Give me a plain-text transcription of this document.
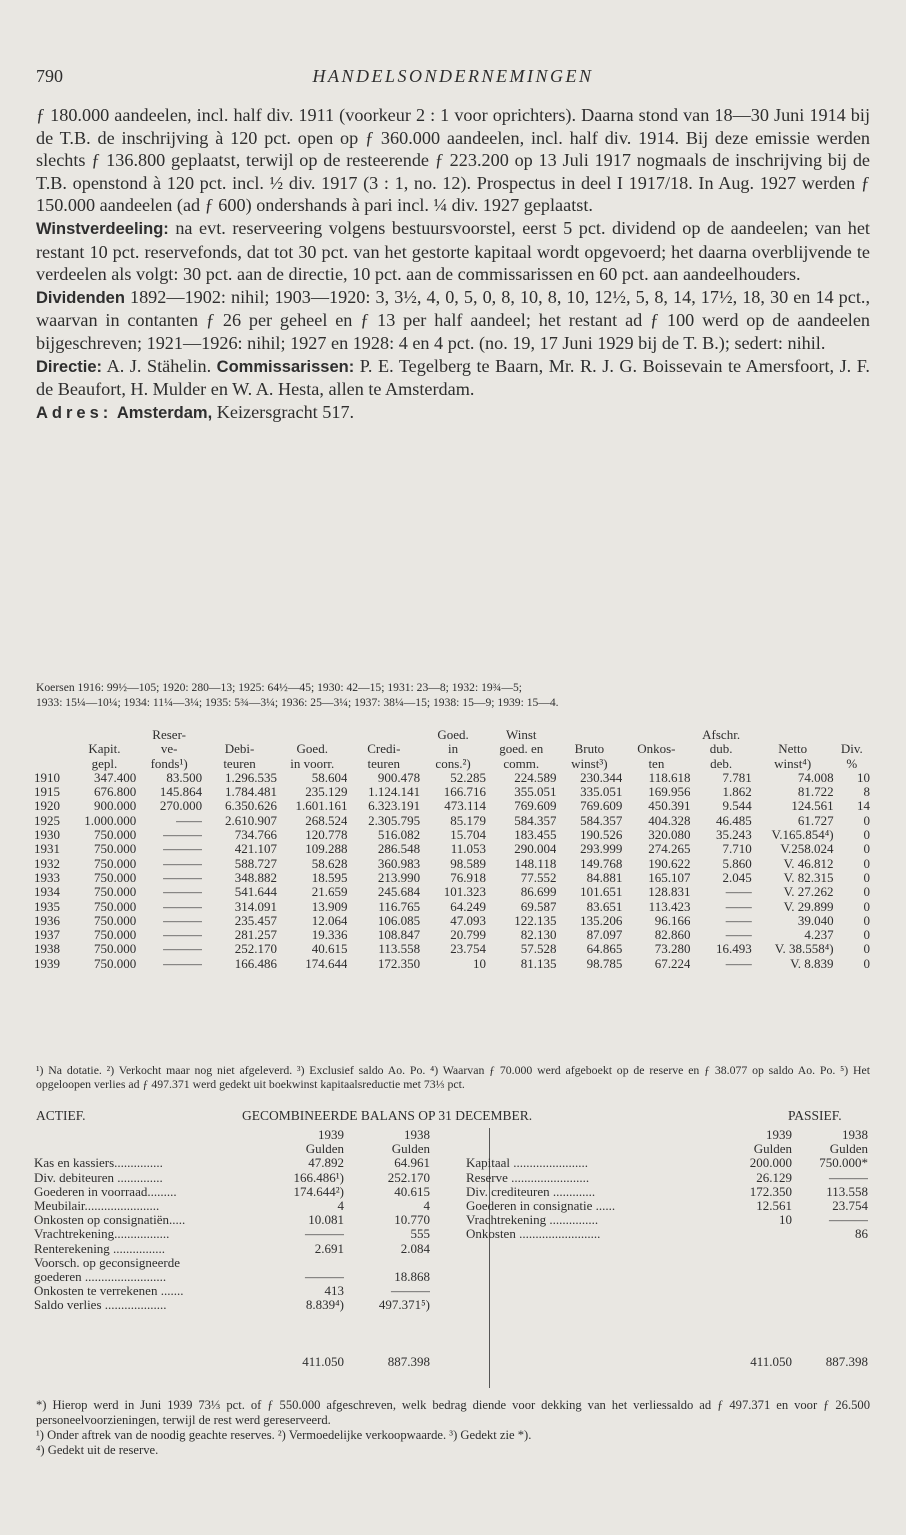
790	HANDELSONDERNEMINGEN

ƒ 180.000 aandeelen, incl. half div. 1911 (voorkeur 2 : 1 voor oprichters). Daarna stond van 18—30 Juni 1914 bij de T.B. de inschrijving à 120 pct. open op ƒ 360.000 aandeelen, incl. half div. 1914. Bij deze emissie werden slechts ƒ 136.800 geplaatst, terwijl op de resteerende ƒ 223.200 op 13 Juli 1917 nogmaals de inschrijving bij de T.B. openstond à 120 pct. incl. ½ div. 1917 (3 : 1, no. 12). Prospectus in deel I 1917/18. In Aug. 1927 werden ƒ 150.000 aandeelen (ad ƒ 600) ondershands à pari incl. ¼ div. 1927 geplaatst.

Winstverdeeling: na evt. reserveering volgens bestuursvoorstel, eerst 5 pct. dividend op de aandeelen; van het restant 10 pct. reservefonds, dat tot 30 pct. van het gestorte kapitaal wordt opgevoerd; het daarna overblijvende te verdeelen als volgt: 30 pct. aan de directie, 10 pct. aan de commissarissen en 60 pct. aan aandeelhouders.

Dividenden 1892—1902: nihil; 1903—1920: 3, 3½, 4, 0, 5, 0, 8, 10, 8, 10, 12½, 5, 8, 14, 17½, 18, 30 en 14 pct., waarvan in contanten ƒ 26 per geheel en ƒ 13 per half aandeel; het restant ad ƒ 100 werd op de aandeelen bijgeschreven; 1921—1926: nihil; 1927 en 1928: 4 en 4 pct. (no. 19, 17 Juni 1929 bij de T. B.); sedert: nihil.

Directie: A. J. Stähelin. Commissarissen: P. E. Tegelberg te Baarn, Mr. R. J. G. Boissevain te Amersfoort, J. F. de Beaufort, H. Mulder en W. A. Hesta, allen te Amsterdam.

Adres: Amsterdam, Keizersgracht 517.

Koersen 1916: 99½—105; 1920: 280—13; 1925: 64½—45; 1930: 42—15; 1931: 23—8; 1932: 19¾—5;

1933: 15¼—10¼; 1934: 11¼—3¼; 1935: 5¾—3¼; 1936: 25—3¼; 1937: 38¼—15; 1938: 15—9; 1939: 15—4.

		Reser-				Goed.	Winst			Afschr.		
	Kapit.	ve-	Debi-	Goed.	Credi-	in	goed. en	Bruto	Onkos-	dub.	Netto	Div.
	gepl.	fonds¹)	teuren	in voorr.	teuren	cons.²)	comm.	winst³)	ten	deb.	winst⁴)	%
1910	347.400	83.500	1.296.535	58.604	900.478	52.285	224.589	230.344	118.618	7.781	74.008	10
1915	676.800	145.864	1.784.481	235.129	1.124.141	166.716	355.051	335.051	169.956	1.862	81.722	8
1920	900.000	270.000	6.350.626	1.601.161	6.323.191	473.114	769.609	769.609	450.391	9.544	124.561	14
1925	1.000.000	——	2.610.907	268.524	2.305.795	85.179	584.357	584.357	404.328	46.485	61.727	0
1930	750.000	———	734.766	120.778	516.082	15.704	183.455	190.526	320.080	35.243	V.165.854⁴)	0
1931	750.000	———	421.107	109.288	286.548	11.053	290.004	293.999	274.265	7.710	V.258.024	0
1932	750.000	———	588.727	58.628	360.983	98.589	148.118	149.768	190.622	5.860	V. 46.812	0
1933	750.000	———	348.882	18.595	213.990	76.918	77.552	84.881	165.107	2.045	V. 82.315	0
1934	750.000	———	541.644	21.659	245.684	101.323	86.699	101.651	128.831	——	V. 27.262	0
1935	750.000	———	314.091	13.909	116.765	64.249	69.587	83.651	113.423	——	V. 29.899	0
1936	750.000	———	235.457	12.064	106.085	47.093	122.135	135.206	96.166	——	39.040	0
1937	750.000	———	281.257	19.336	108.847	20.799	82.130	87.097	82.860	——	4.237	0
1938	750.000	———	252.170	40.615	113.558	23.754	57.528	64.865	73.280	16.493	V. 38.558⁴)	0
1939	750.000	———	166.486	174.644	172.350	10	81.135	98.785	67.224	——	V. 8.839	0

¹) Na dotatie. ²) Verkocht maar nog niet afgeleverd. ³) Exclusief saldo Ao. Po. ⁴) Waarvan ƒ 70.000 werd afgeboekt op de reserve en ƒ 38.077 op saldo Ao. Po. ⁵) Het opgeloopen verlies ad ƒ 497.371 werd gedekt uit boekwinst kapitaalsreductie met 73⅓ pct.

ACTIEF.	GECOMBINEERDE BALANS OP 31 DECEMBER.	PASSIEF.
	1939	1938
	Gulden	Gulden
Kas en kassiers...............	47.892	64.961
Div. debiteuren ..............	166.486¹)	252.170
Goederen in voorraad.........	174.644²)	40.615
Meubilair.......................	4	4
Onkosten op consignatiën.....	10.081	10.770
Vrachtrekening.................	———	555
Renterekening ................	2.691	2.084
Voorsch. op geconsigneerde		
goederen .........................	———	18.868
Onkosten te verrekenen .......	413	———
Saldo verlies ...................	8.839⁴)	497.371⁵)

	411.050	887.398
	1939	1938
	Gulden	Gulden
Kapitaal .......................	200.000	750.000*
Reserve ........................	26.129	———
Div. crediteuren .............	172.350	113.558
Goederen in consignatie ......	12.561	23.754
Vrachtrekening ...............	10	———
Onkosten .........................		86

	411.050	887.398

*) Hierop werd in Juni 1939 73⅓ pct. of ƒ 550.000 afgeschreven, welk bedrag diende voor dekking van het verliessaldo ad ƒ 497.371 en voor ƒ 26.500 personeelvoorzieningen, terwijl de rest werd gereserveerd.

¹) Onder aftrek van de noodig geachte reserves. ²) Vermoedelijke verkoopwaarde. ³) Gedekt zie *).

⁴) Gedekt uit de reserve.
